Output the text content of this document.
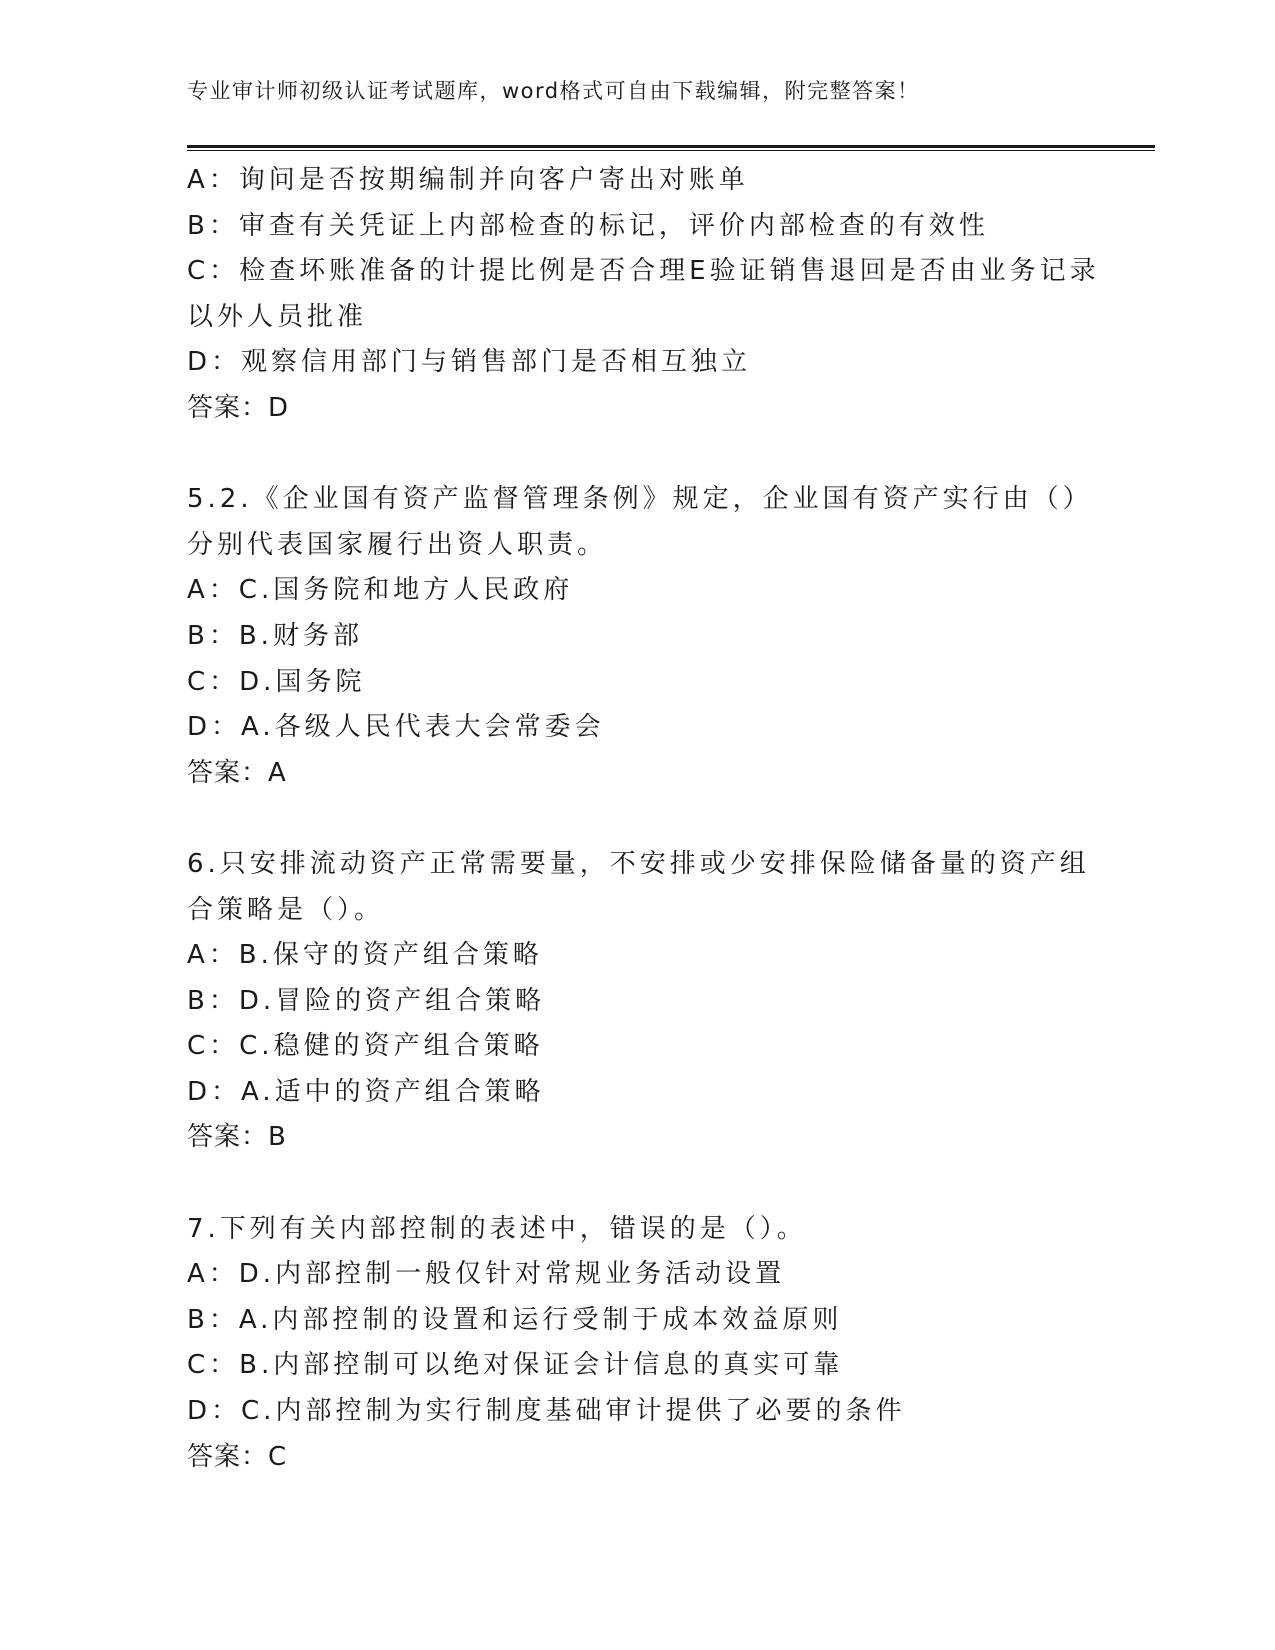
专业审计师初级认证考试题库，word格式可自由下载编辑，附完整答案！
A：询问是否按期编制并向客户寄出对账单
B：审查有关凭证上内部检查的标记，评价内部检查的有效性
C：检查坏账准备的计提比例是否合理E验证销售退回是否由业务记录
以外人员批准
D：观察信用部门与销售部门是否相互独立
答案：D
5.2.《企业国有资产监督管理条例》规定，企业国有资产实行由（）
分别代表国家履行出资人职责。
A：C.国务院和地方人民政府
B：B.财务部
C：D.国务院
D：A.各级人民代表大会常委会
答案：A
6.只安排流动资产正常需要量，不安排或少安排保险储备量的资产组
合策略是（）。
A：B.保守的资产组合策略
B：D.冒险的资产组合策略
C：C.稳健的资产组合策略
D：A.适中的资产组合策略
答案：B
7.下列有关内部控制的表述中，错误的是（）。
A：D.内部控制一般仅针对常规业务活动设置
B：A.内部控制的设置和运行受制于成本效益原则
C：B.内部控制可以绝对保证会计信息的真实可靠
D：C.内部控制为实行制度基础审计提供了必要的条件
答案：C
